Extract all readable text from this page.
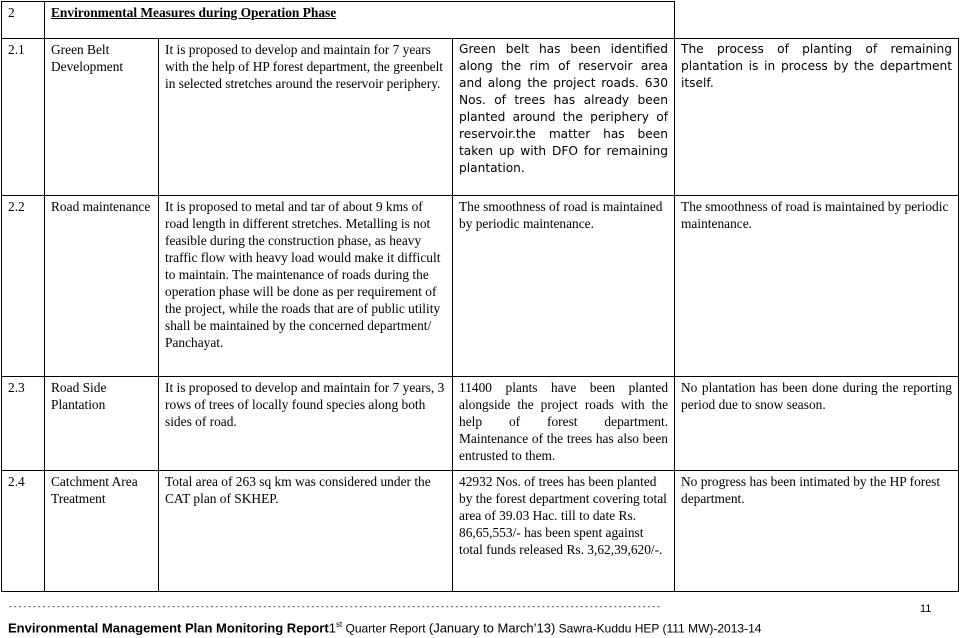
2	Environmental Measures during Operation Phase			
2.1	Green Belt Development	It is proposed to develop and maintain for 7 years with the help of HP forest department, the greenbelt in selected stretches around the reservoir periphery.	Green belt has been identified along the rim of reservoir area and along the project roads. 630 Nos. of trees has already been planted around the periphery of reservoir.the matter has been taken up with DFO for remaining plantation.	The process of planting of remaining plantation is in process by the department itself.
2.2	Road maintenance	It is proposed to metal and tar of about 9 kms of road length in different stretches. Metalling is not feasible during the construction phase, as heavy traffic flow with heavy load would make it difficult to maintain. The maintenance of roads during the operation phase will be done as per requirement of the project, while the roads that are of public utility shall be maintained by the concerned department/ Panchayat.	The smoothness of road is maintained by periodic maintenance.	The smoothness of road is maintained by periodic maintenance.
2.3	Road Side Plantation	It is proposed to develop and maintain for 7 years, 3 rows of trees of locally found species along both sides of road.	11400 plants have been planted alongside the project roads with the help of forest department. Maintenance of the trees has also been entrusted to them.	No plantation has been done during the reporting period due to snow season.
2.4	Catchment Area Treatment	Total area of 263 sq km was considered under the CAT plan of SKHEP.	42932 Nos. of trees has been planted by the forest department covering total area of 39.03 Hac. till to date Rs. 86,65,553/- has been spent against total funds released Rs. 3,62,39,620/-.	No progress has been intimated by the HP forest department.
----------------------------------------------------------------------------------------------------------------------------------------	11
Environmental Management Plan Monitoring Report1st Quarter Report (January to March’13) Sawra-Kuddu HEP (111 MW)-2013-14
